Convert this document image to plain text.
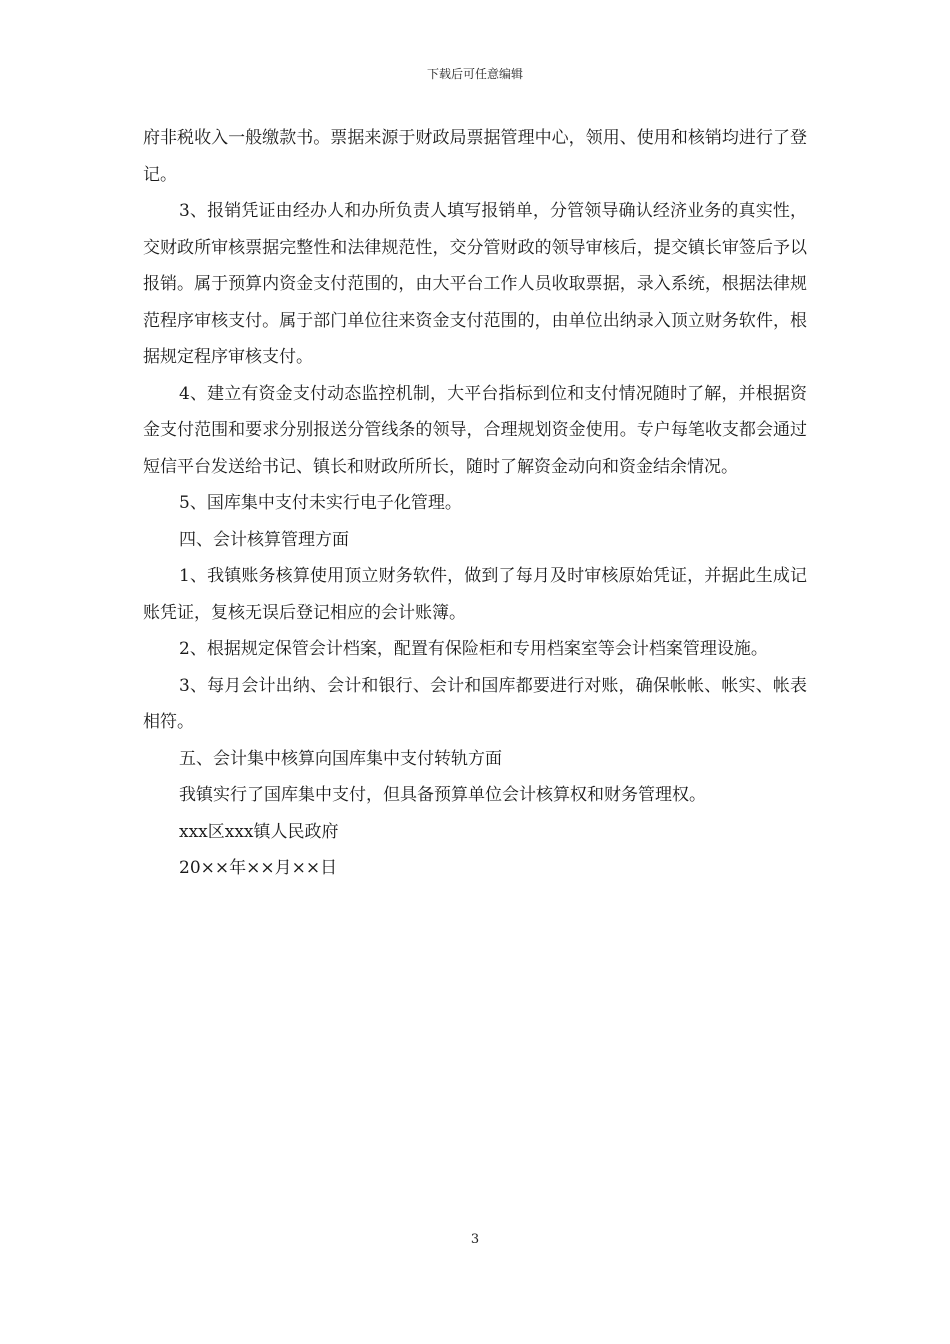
下载后可任意编辑

府非税收入一般缴款书。票据来源于财政局票据管理中心，领用、使用和核销均进行了登记。

3、报销凭证由经办人和办所负责人填写报销单，分管领导确认经济业务的真实性，交财政所审核票据完整性和法律规范性，交分管财政的领导审核后，提交镇长审签后予以报销。属于预算内资金支付范围的，由大平台工作人员收取票据，录入系统，根据法律规范程序审核支付。属于部门单位往来资金支付范围的，由单位出纳录入顶立财务软件，根据规定程序审核支付。

4、建立有资金支付动态监控机制，大平台指标到位和支付情况随时了解，并根据资金支付范围和要求分别报送分管线条的领导，合理规划资金使用。专户每笔收支都会通过短信平台发送给书记、镇长和财政所所长，随时了解资金动向和资金结余情况。

5、国库集中支付未实行电子化管理。

四、会计核算管理方面

1、我镇账务核算使用顶立财务软件，做到了每月及时审核原始凭证，并据此生成记账凭证，复核无误后登记相应的会计账簿。

2、根据规定保管会计档案，配置有保险柜和专用档案室等会计档案管理设施。

3、每月会计出纳、会计和银行、会计和国库都要进行对账，确保帐帐、帐实、帐表相符。

五、会计集中核算向国库集中支付转轨方面

我镇实行了国库集中支付，但具备预算单位会计核算权和财务管理权。

xxx区xxx镇人民政府

20××年××月××日

3
